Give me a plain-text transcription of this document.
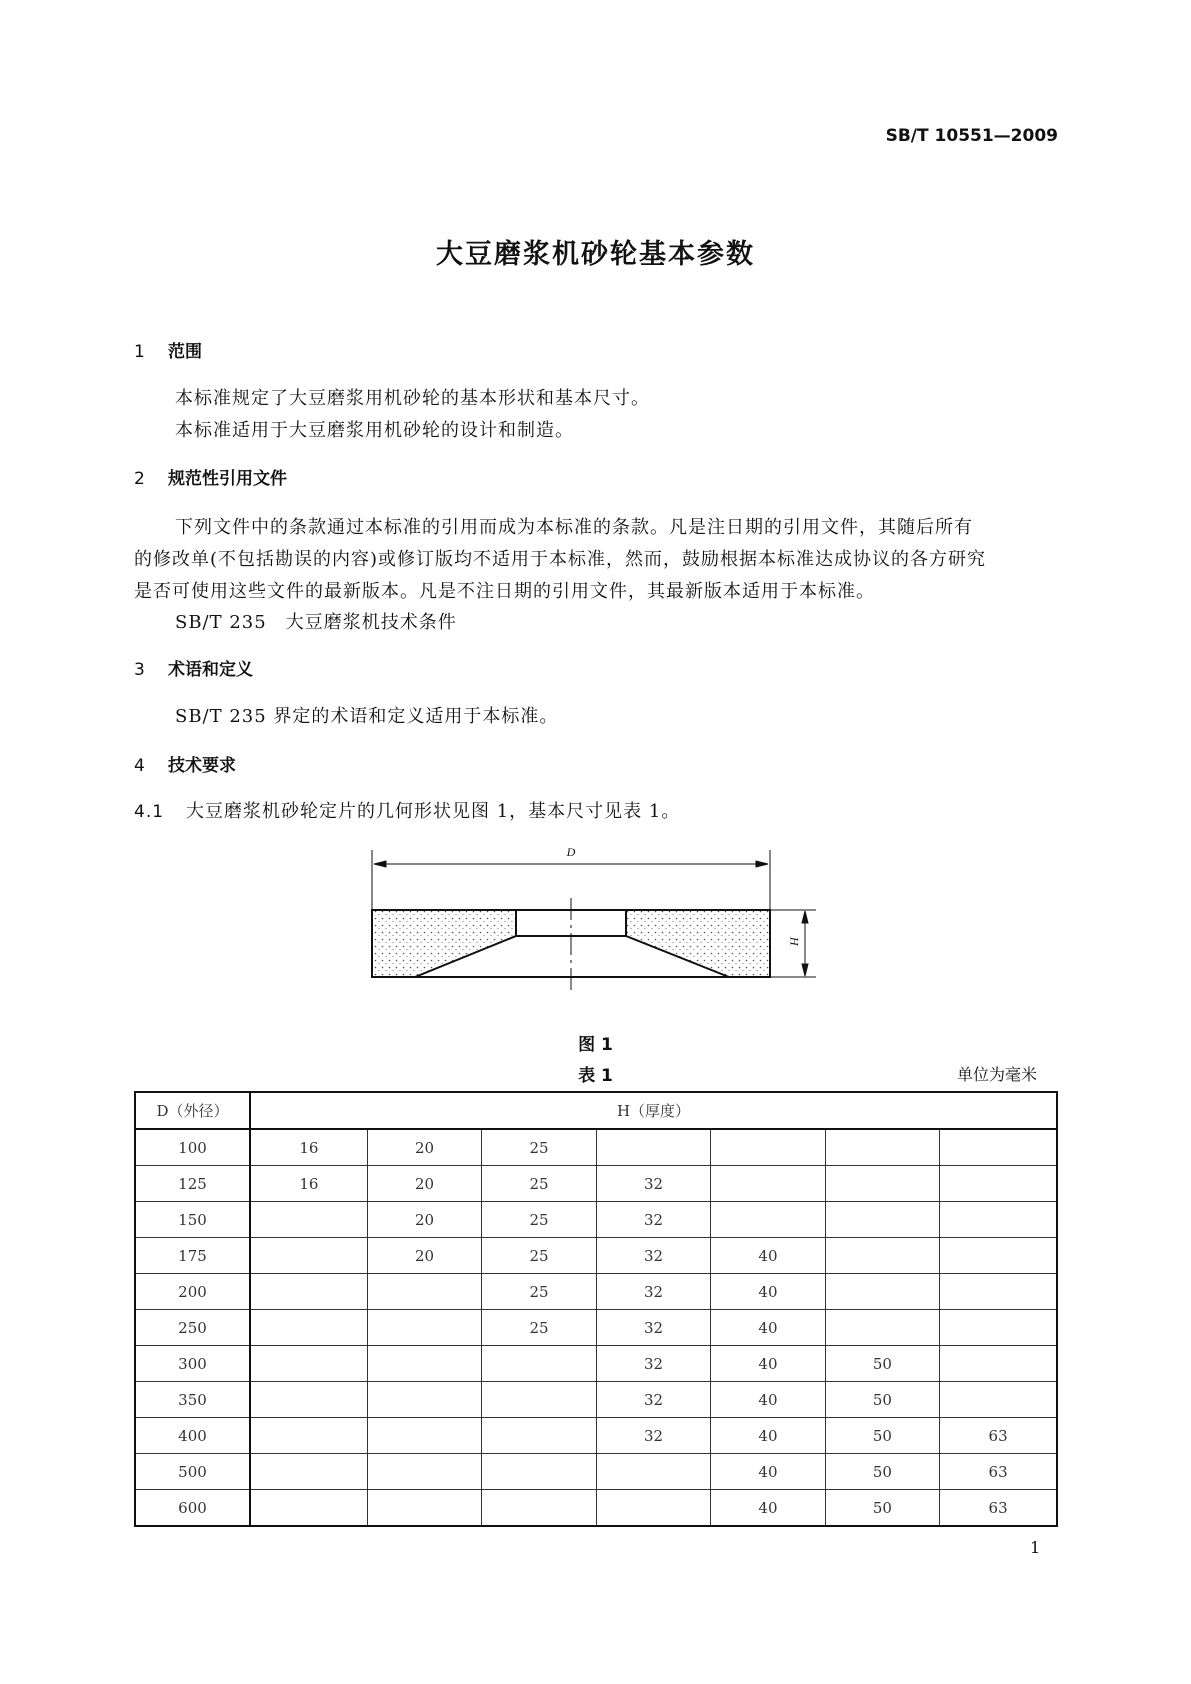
SB/T 10551—2009
大豆磨浆机砂轮基本参数
1 范围
本标准规定了大豆磨浆用机砂轮的基本形状和基本尺寸。
本标准适用于大豆磨浆用机砂轮的设计和制造。
2 规范性引用文件
下列文件中的条款通过本标准的引用而成为本标准的条款。凡是注日期的引用文件，其随后所有
的修改单(不包括勘误的内容)或修订版均不适用于本标准，然而，鼓励根据本标准达成协议的各方研究
是否可使用这些文件的最新版本。凡是不注日期的引用文件，其最新版本适用于本标准。
SB/T 235　大豆磨浆机技术条件
3 术语和定义
SB/T 235 界定的术语和定义适用于本标准。
4 技术要求
4.1 大豆磨浆机砂轮定片的几何形状见图 1，基本尺寸见表 1。
D
H
图 1
表 1	单位为毫米
D（外径）	H（厚度）						
100	16	20	25				
125	16	20	25	32			
150		20	25	32			
175		20	25	32	40		
200			25	32	40		
250			25	32	40		
300				32	40	50	
350				32	40	50	
400				32	40	50	63
500					40	50	63
600					40	50	63
1
